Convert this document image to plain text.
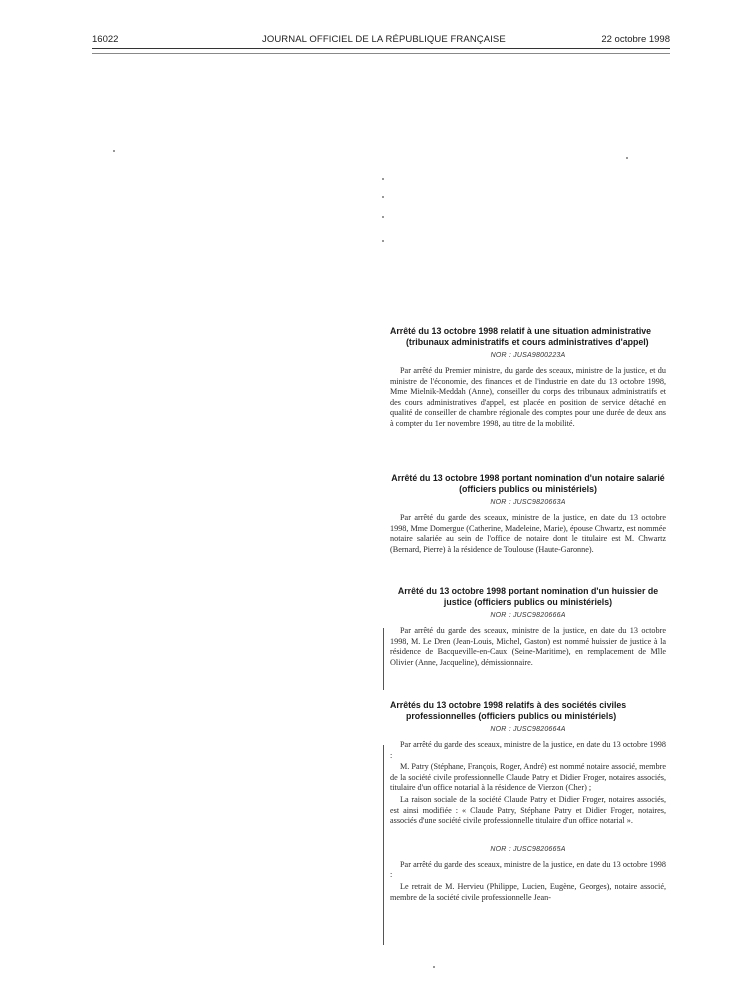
16022	JOURNAL OFFICIEL DE LA RÉPUBLIQUE FRANÇAISE	22 octobre 1998
Arrêté du 13 octobre 1998 relatif à une situation administrative (tribunaux administratifs et cours administratives d'appel)
NOR : JUSA9800223A

Par arrêté du Premier ministre, du garde des sceaux, ministre de la justice, et du ministre de l'économie, des finances et de l'industrie en date du 13 octobre 1998, Mme Mielnik-Meddah (Anne), conseiller du corps des tribunaux administratifs et des cours administratives d'appel, est placée en position de service détaché en qualité de conseiller de chambre régionale des comptes pour une durée de deux ans à compter du 1er novembre 1998, au titre de la mobilité.

Arrêté du 13 octobre 1998 portant nomination d'un notaire salarié (officiers publics ou ministériels)
NOR : JUSC9820663A

Par arrêté du garde des sceaux, ministre de la justice, en date du 13 octobre 1998, Mme Domergue (Catherine, Madeleine, Marie), épouse Chwartz, est nommée notaire salariée au sein de l'office de notaire dont le titulaire est M. Chwartz (Bernard, Pierre) à la résidence de Toulouse (Haute-Garonne).

Arrêté du 13 octobre 1998 portant nomination d'un huissier de justice (officiers publics ou ministériels)
NOR : JUSC9820666A

Par arrêté du garde des sceaux, ministre de la justice, en date du 13 octobre 1998, M. Le Dren (Jean-Louis, Michel, Gaston) est nommé huissier de justice à la résidence de Bacqueville-en-Caux (Seine-Maritime), en remplacement de Mlle Olivier (Anne, Jacqueline), démissionnaire.

Arrêtés du 13 octobre 1998 relatifs à des sociétés civiles professionnelles (officiers publics ou ministériels)
NOR : JUSC9820664A

Par arrêté du garde des sceaux, ministre de la justice, en date du 13 octobre 1998 :

M. Patry (Stéphane, François, Roger, André) est nommé notaire associé, membre de la société civile professionnelle Claude Patry et Didier Froger, notaires associés, titulaire d'un office notarial à la résidence de Vierzon (Cher) ;

La raison sociale de la société Claude Patry et Didier Froger, notaires associés, est ainsi modifiée : « Claude Patry, Stéphane Patry et Didier Froger, notaires, associés d'une société civile professionnelle titulaire d'un office notarial ».

NOR : JUSC9820665A

Par arrêté du garde des sceaux, ministre de la justice, en date du 13 octobre 1998 :

Le retrait de M. Hervieu (Philippe, Lucien, Eugène, Georges), notaire associé, membre de la société civile professionnelle Jean-
